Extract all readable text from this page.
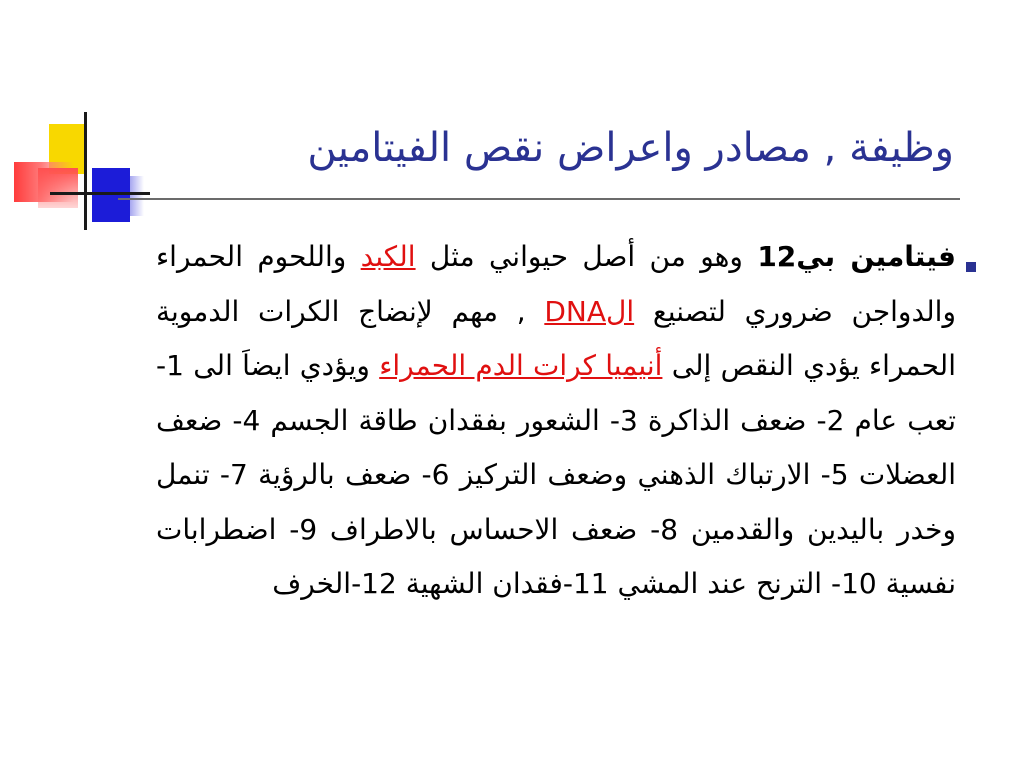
وظيفة , مصادر واعراض نقص الفيتامين

فيتامين بي12 وهو من أصل حيواني مثل الكبد واللحوم الحمراء والدواجن ضروري لتصنيع الDNA , مهم لإنضاج الكرات الدموية الحمراء يؤدي النقص إلى أنيميا كرات الدم الحمراء ويؤدي ايضاَ الى 1- تعب عام 2- ضعف الذاكرة 3- الشعور بفقدان طاقة الجسم 4- ضعف العضلات 5- الارتباك الذهني وضعف التركيز 6- ضعف بالرؤية 7- تنمل وخدر باليدين والقدمين 8- ضعف الاحساس بالاطراف 9- اضطرابات نفسية 10- الترنح عند المشي 11-فقدان الشهية 12-الخرف
